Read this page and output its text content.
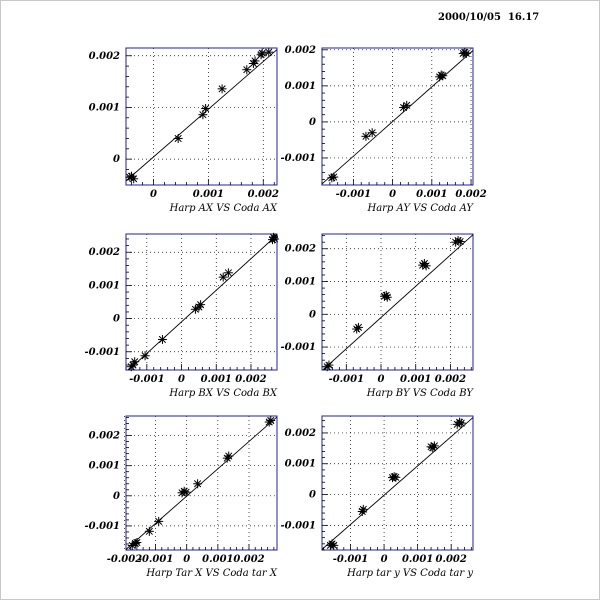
2000/10/05  16.17
0	0.001 0.002
0
0.001
0.002
Harp AX VS Coda AX
-0.001 0 0.001 0.002
-0.001
0
0.001
0.002
Harp AY VS Coda AY
-0.001 0 0.001 0.002
-0.001
0
0.001
0.002
Harp BX VS Coda BX
-0.001 0 0.001 0.002
-0.001
0
0.001
0.002
Harp BY VS Coda BY
-0.002
-0.001 0 0.001 0.002
-0.001
0
0.001
0.002
Harp Tar X VS Coda tar X
-0.001 0 0.001 0.002
-0.001
0
0.001
0.002
Harp tar y VS Coda tar y
